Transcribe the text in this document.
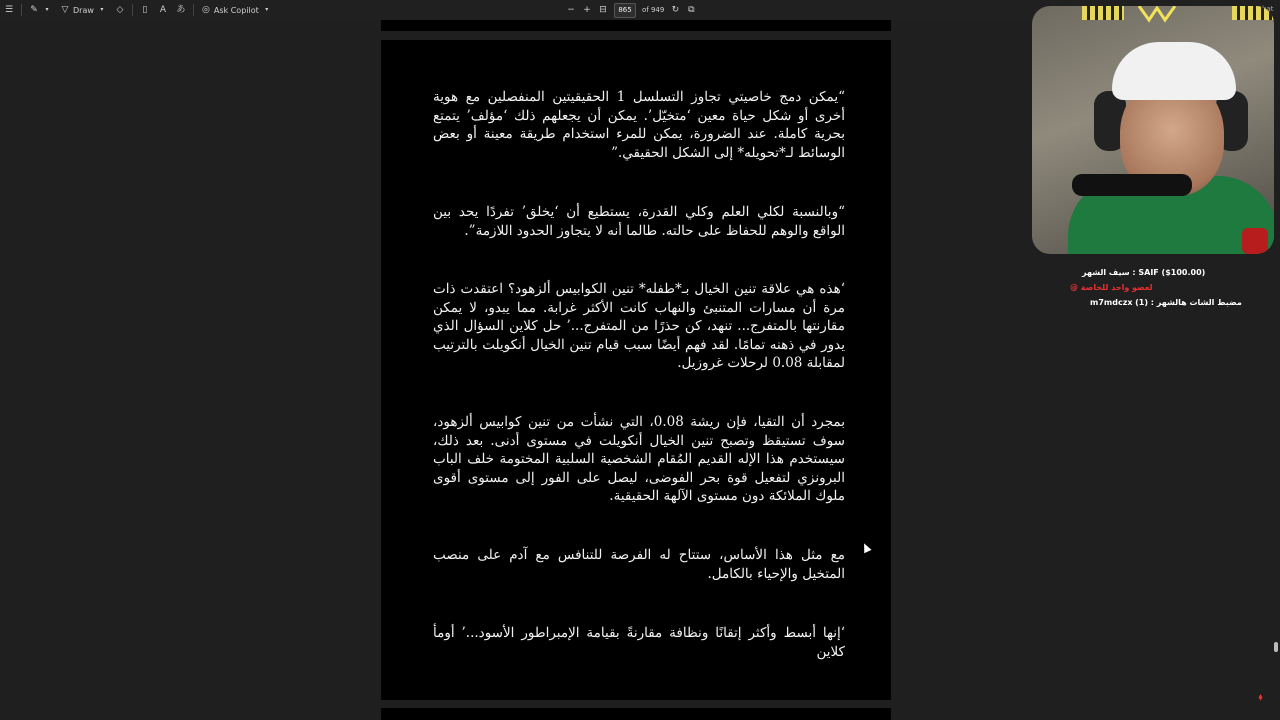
☰ ✎	▾	▽ Draw	▾	◇ ▯ A あ ◎ Ask Copilot	▾	− + ⊟	865	of 949 ↻ ⧉
“يمكن دمج خاصيتي تجاوز التسلسل 1 الحقيقيتين المنفصلين مع هوية أخرى أو شكل حياة معين ‘متخيّل’. يمكن أن يجعلهم ذلك ‘مؤلف’ يتمتع بحرية كاملة. عند الضرورة، يمكن للمرء استخدام طريقة معينة أو بعض الوسائط لـ*تحويله* إلى الشكل الحقيقي.”
“وبالنسبة لكلي العلم وكلي القدرة، يستطيع أن ‘يخلق’ تفردًا يحد بين الواقع والوهم للحفاظ على حالته. طالما أنه لا يتجاوز الحدود اللازمة”.
‘هذه هي علاقة تنين الخيال بـ*طفله* تنين الكوابيس ألزهود؟ اعتقدت ذات مرة أن مسارات المتنبئ والنهاب كانت الأكثر غرابة. مما يبدو، لا يمكن مقارنتها بالمتفرج... تنهد، كن حذرًا من المتفرج...’ حل كلاين السؤال الذي يدور في ذهنه تمامًا. لقد فهم أيضًا سبب قيام تنين الخيال أنكويلت بالترتيب لمقابلة 0.08 لرحلات غروزيل.
بمجرد أن التقيا، فإن ريشة 0.08، التي نشأت من تنين كوابيس ألزهود، سوف تستيقظ وتصبح تنين الخيال أنكويلت في مستوى أدنى. بعد ذلك، سيستخدم هذا الإله القديم المُقام الشخصية السلبية المختومة خلف الباب البرونزي لتفعيل قوة بحر الفوضى، ليصل على الفور إلى مستوى أقوى ملوك الملائكة دون مستوى الآلهة الحقيقية.
مع مثل هذا الأساس، ستتاح له الفرصة للتنافس مع آدم على منصب المتخيل والإحياء بالكامل.
‘إنها أبسط وأكثر إتقانًا ونظافة مقارنةً بقيامة الإمبراطور الأسود...’ أومأ كلاين
⬧
سيف الشهر : SAIF ($100.00)
@ لعضو واحد للخاصة
m7mdczx مضبط الشات هالشهر : (1)
